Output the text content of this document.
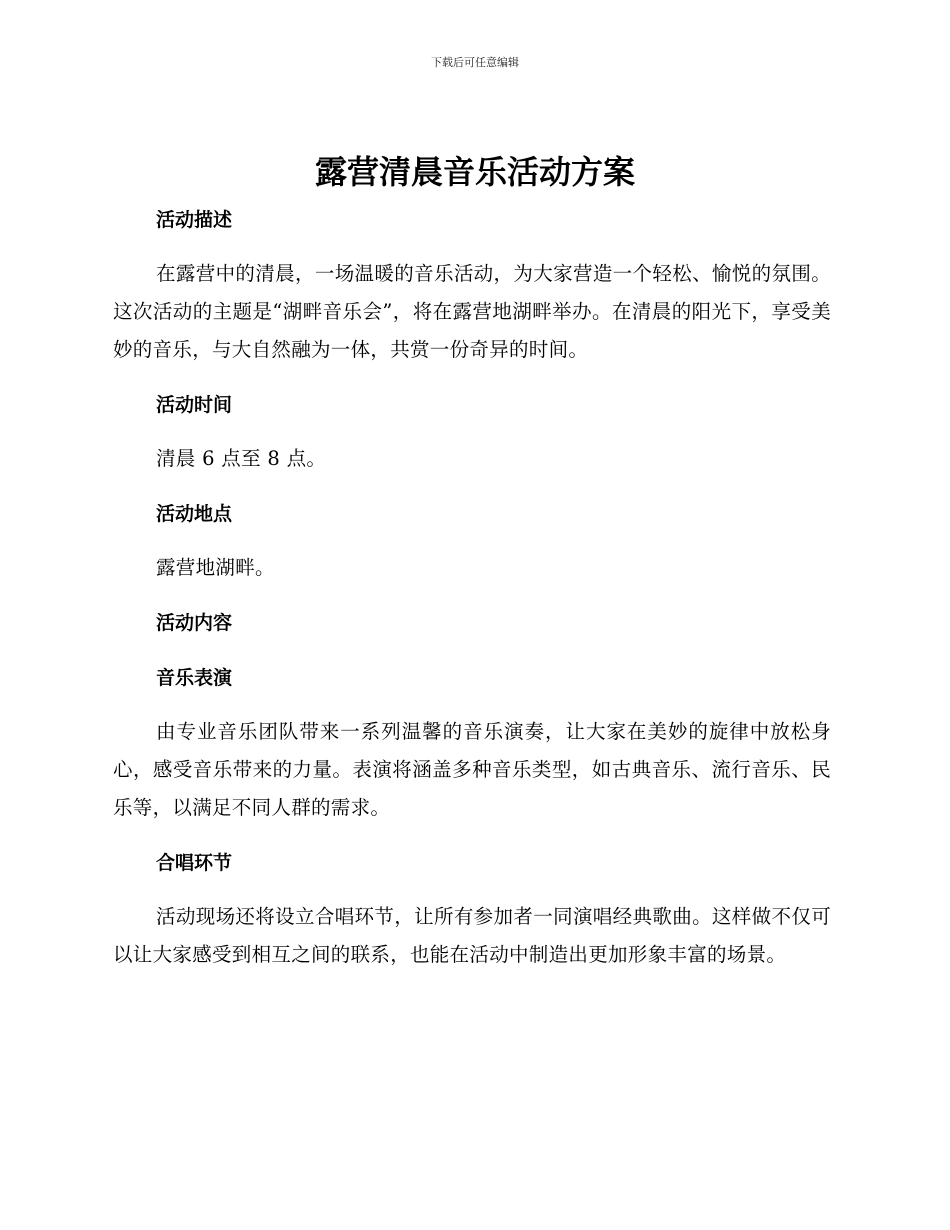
下载后可任意编辑
露营清晨音乐活动方案
活动描述

在露营中的清晨，一场温暖的音乐活动，为大家营造一个轻松、愉悦的氛围。这次活动的主题是“湖畔音乐会”，将在露营地湖畔举办。在清晨的阳光下，享受美妙的音乐，与大自然融为一体，共赏一份奇异的时间。

活动时间

清晨 6 点至 8 点。

活动地点

露营地湖畔。

活动内容
音乐表演

由专业音乐团队带来一系列温馨的音乐演奏，让大家在美妙的旋律中放松身心，感受音乐带来的力量。表演将涵盖多种音乐类型，如古典音乐、流行音乐、民乐等，以满足不同人群的需求。

合唱环节

活动现场还将设立合唱环节，让所有参加者一同演唱经典歌曲。这样做不仅可以让大家感受到相互之间的联系，也能在活动中制造出更加形象丰富的场景。
